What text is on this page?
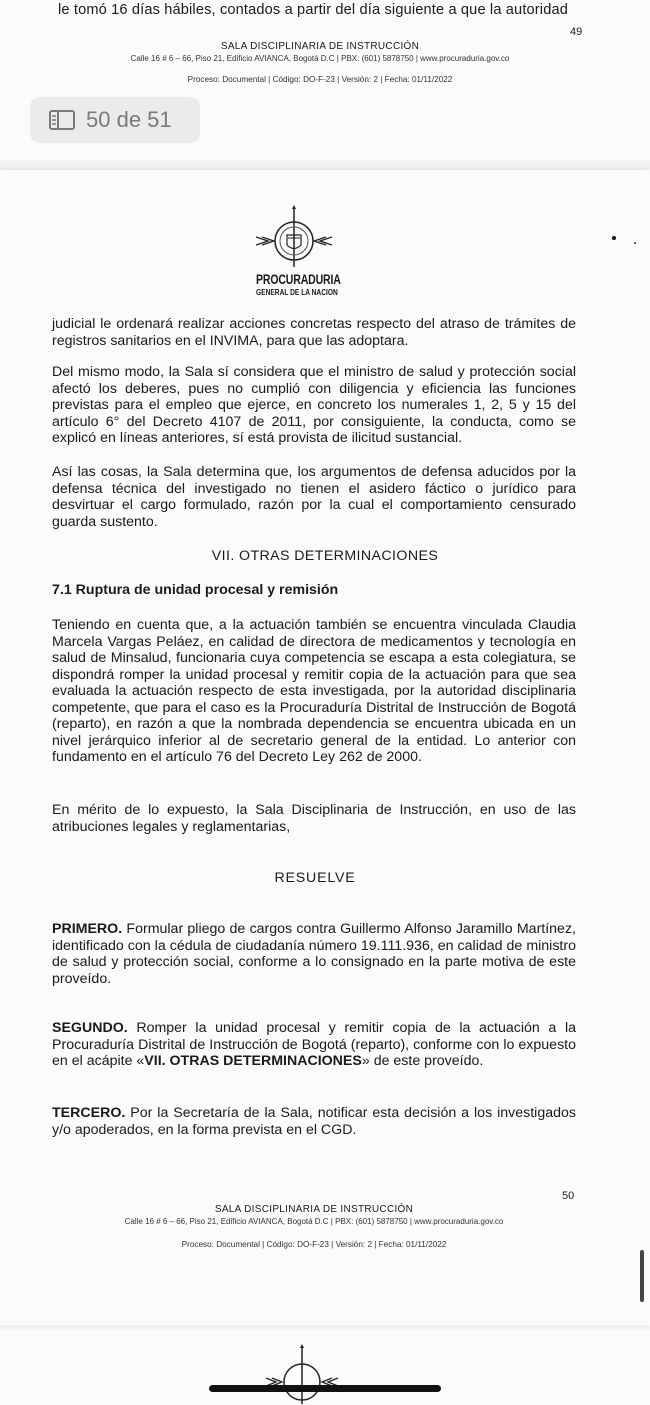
le tomó 16 días hábiles, contados a partir del día siguiente a que la autoridad
49
SALA DISCIPLINARIA DE INSTRUCCIÓN
Calle 16 # 6 – 66, Piso 21, Edificio AVIANCA, Bogotá D.C | PBX: (601) 5878750 | www.procuraduria.gov.co
Proceso: Documental | Código: DO-F-23 | Versión: 2 | Fecha: 01/11/2022
50 de 51
PROCURADURIA
GENERAL DE LA NACION
judicial le ordenará realizar acciones concretas respecto del atraso de trámites de registros sanitarios en el INVIMA, para que las adoptara.
Del mismo modo, la Sala sí considera que el ministro de salud y protección social afectó los deberes, pues no cumplió con diligencia y eficiencia las funciones previstas para el empleo que ejerce, en concreto los numerales 1, 2, 5 y 15 del artículo 6° del Decreto 4107 de 2011, por consiguiente, la conducta, como se explicó en líneas anteriores, sí está provista de ilicitud sustancial.
Así las cosas, la Sala determina que, los argumentos de defensa aducidos por la defensa técnica del investigado no tienen el asidero fáctico o jurídico para desvirtuar el cargo formulado, razón por la cual el comportamiento censurado guarda sustento.
VII. OTRAS DETERMINACIONES
7.1 Ruptura de unidad procesal y remisión
Teniendo en cuenta que, a la actuación también se encuentra vinculada Claudia Marcela Vargas Peláez, en calidad de directora de medicamentos y tecnología en salud de Minsalud, funcionaria cuya competencia se escapa a esta colegiatura, se dispondrá romper la unidad procesal y remitir copia de la actuación para que sea evaluada la actuación respecto de esta investigada, por la autoridad disciplinaria competente, que para el caso es la Procuraduría Distrital de Instrucción de Bogotá (reparto), en razón a que la nombrada dependencia se encuentra ubicada en un nivel jerárquico inferior al de secretario general de la entidad. Lo anterior con fundamento en el artículo 76 del Decreto Ley 262 de 2000.
En mérito de lo expuesto, la Sala Disciplinaria de Instrucción, en uso de las atribuciones legales y reglamentarias,
RESUELVE
PRIMERO. Formular pliego de cargos contra Guillermo Alfonso Jaramillo Martínez, identificado con la cédula de ciudadanía número 19.111.936, en calidad de ministro de salud y protección social, conforme a lo consignado en la parte motiva de este proveído.
SEGUNDO. Romper la unidad procesal y remitir copia de la actuación a la Procuraduría Distrital de Instrucción de Bogotá (reparto), conforme con lo expuesto en el acápite «VII. OTRAS DETERMINACIONES» de este proveído.
TERCERO. Por la Secretaría de la Sala, notificar esta decisión a los investigados y/o apoderados, en la forma prevista en el CGD.
50
SALA DISCIPLINARIA DE INSTRUCCIÓN
Calle 16 # 6 – 66, Piso 21, Edificio AVIANCA, Bogotá D.C | PBX: (601) 5878750 | www.procuraduria.gov.co
Proceso: Documental | Código: DO-F-23 | Versión: 2 | Fecha: 01/11/2022
